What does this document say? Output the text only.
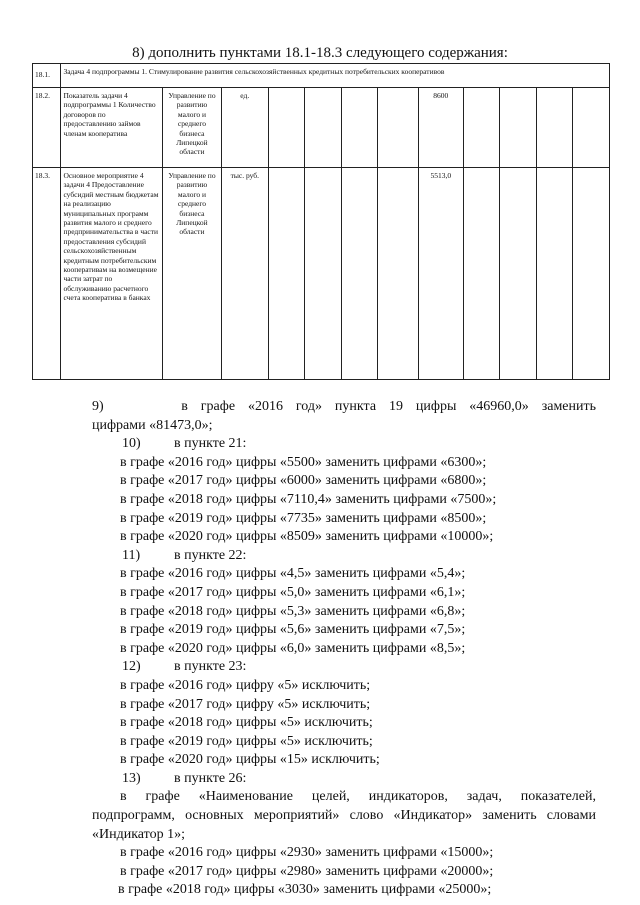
8) дополнить пунктами 18.1-18.3 следующего содержания:
18.1.	Задача 4 подпрограммы 1. Стимулирование развития сельскохозяйственных кредитных потребительских кооперативов											
18.2.	Показатель задачи 4 подпрограммы 1 Количество договоров по предоставлению займов членам кооператива	Управление по развитию малого и среднего бизнеса Липецкой области	ед.					8600				
18.3.	Основное мероприятие 4 задачи 4 Предоставление субсидий местным бюджетам на реализацию муниципальных программ развития малого и среднего предпринимательства в части предоставления субсидий сельскохозяйственным кредитным потребительским кооперативам на возмещение части затрат по обслуживанию расчетного счета кооператива в банках	Управление по развитию малого и среднего бизнеса Липецкой области	тыс. руб.					5513,0				

9)	в графе «2016 год» пункта 19 цифры «46960,0» заменить

цифрами «81473,0»;

10)	в пункте 21:

в графе «2016 год» цифры «5500» заменить цифрами «6300»;

в графе «2017 год» цифры «6000» заменить цифрами «6800»;

в графе «2018 год» цифры «7110,4» заменить цифрами «7500»;

в графе «2019 год» цифры «7735» заменить цифрами «8500»;

в графе «2020 год» цифры «8509» заменить цифрами «10000»;

11)	в пункте 22:

в графе «2016 год» цифры «4,5» заменить цифрами «5,4»;

в графе «2017 год» цифры «5,0» заменить цифрами «6,1»;

в графе «2018 год» цифры «5,3» заменить цифрами «6,8»;

в графе «2019 год» цифры «5,6» заменить цифрами «7,5»;

в графе «2020 год» цифры «6,0» заменить цифрами «8,5»;

12)	в пункте 23:

в графе «2016 год» цифру «5» исключить;

в графе «2017 год» цифру «5» исключить;

в графе «2018 год» цифры «5» исключить;

в графе «2019 год» цифры «5» исключить;

в графе «2020 год» цифры «15» исключить;

13)	в пункте 26:

в графе «Наименование целей, индикаторов, задач, показателей,

подпрограмм, основных мероприятий» слово «Индикатор» заменить словами

«Индикатор 1»;

в графе «2016 год» цифры «2930» заменить цифрами «15000»;

в графе «2017 год» цифры «2980» заменить цифрами «20000»;

в графе «2018 год» цифры «3030» заменить цифрами «25000»;
